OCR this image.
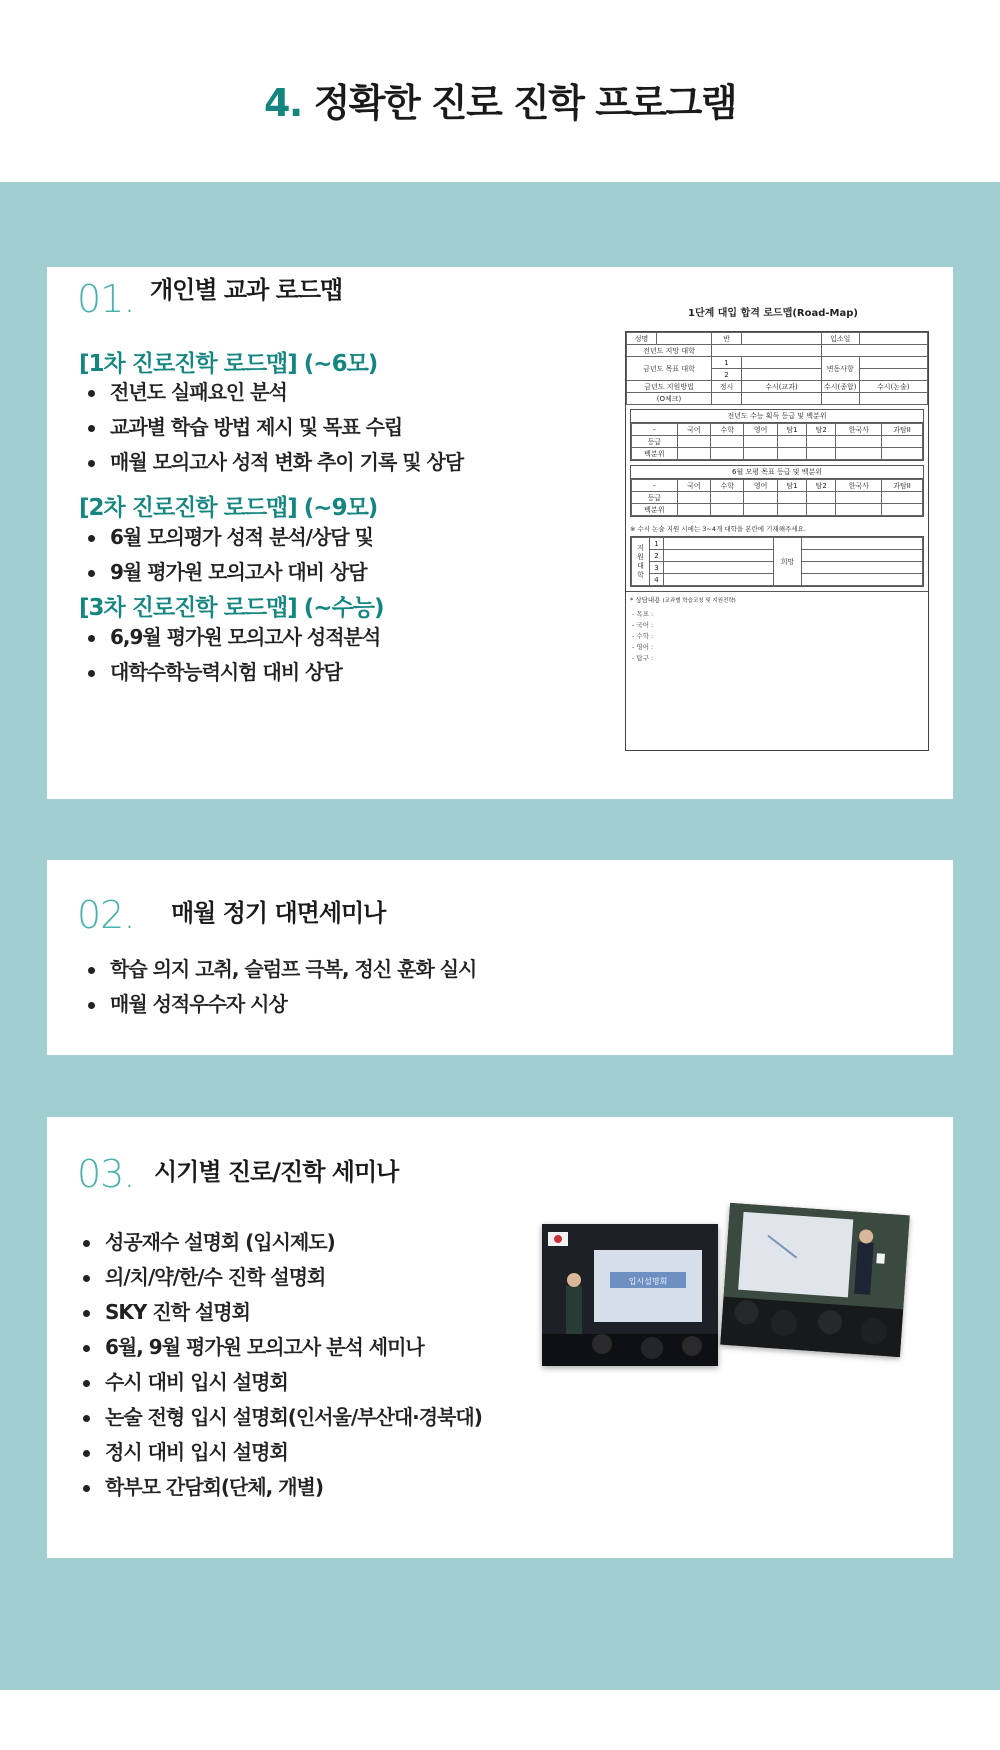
4. 정확한 진로 진학 프로그램
01. 개인별 교과 로드맵
[1차 진로진학 로드맵] (~6모)
전년도 실패요인 분석
교과별 학습 방법 제시 및 목표 수립
매월 모의고사 성적 변화 추이 기록 및 상담
[2차 진로진학 로드맵] (~9모)
6월 모의평가 성적 분석/상담 및
9월 평가원 모의고사 대비 상담
[3차 진로진학 로드맵] (~수능)
6,9월 평가원 모의고사 성적분석
대학수학능력시험 대비 상담
1단계 대입 합격 로드맵(Road-Map)
성명		반		입소일	
전년도 지망 대학					
금년도 목표 대학		1		변동사항	
		2			
금년도 지원방법		정시	수시(교과)	수시(종합)	수시(논술)
(O체크)					
전년도 수능 획득 등급 및 백분위
-	국어	수학	영어	탐1	탐2	한국사	과탐II
등급							
백분위							
6월 모평 목표 등급 및 백분위
-	국어	수학	영어	탐1	탐2	한국사	과탐II
등급							
백분위							
※ 수시 논술 지원 시에는 3~4개 대학을 본란에 기재해주세요.
지원대학	1		희망	
	2			
	3			
	4			
* 상담내용 (교과별 학습코칭 및 지원전략)
- 목표 :
- 국어 :
- 수학 :
- 영어 :
- 탐구 :
02. 매월 정기 대면세미나
학습 의지 고취, 슬럼프 극복, 정신 훈화 실시
매월 성적우수자 시상
03. 시기별 진로/진학 세미나
성공재수 설명회 (입시제도)
의/치/약/한/수 진학 설명회
SKY 진학 설명회
6월, 9월 평가원 모의고사 분석 세미나
수시 대비 입시 설명회
논술 전형 입시 설명회(인서울/부산대·경북대)
정시 대비 입시 설명회
학부모 간담회(단체, 개별)
입시설명회
